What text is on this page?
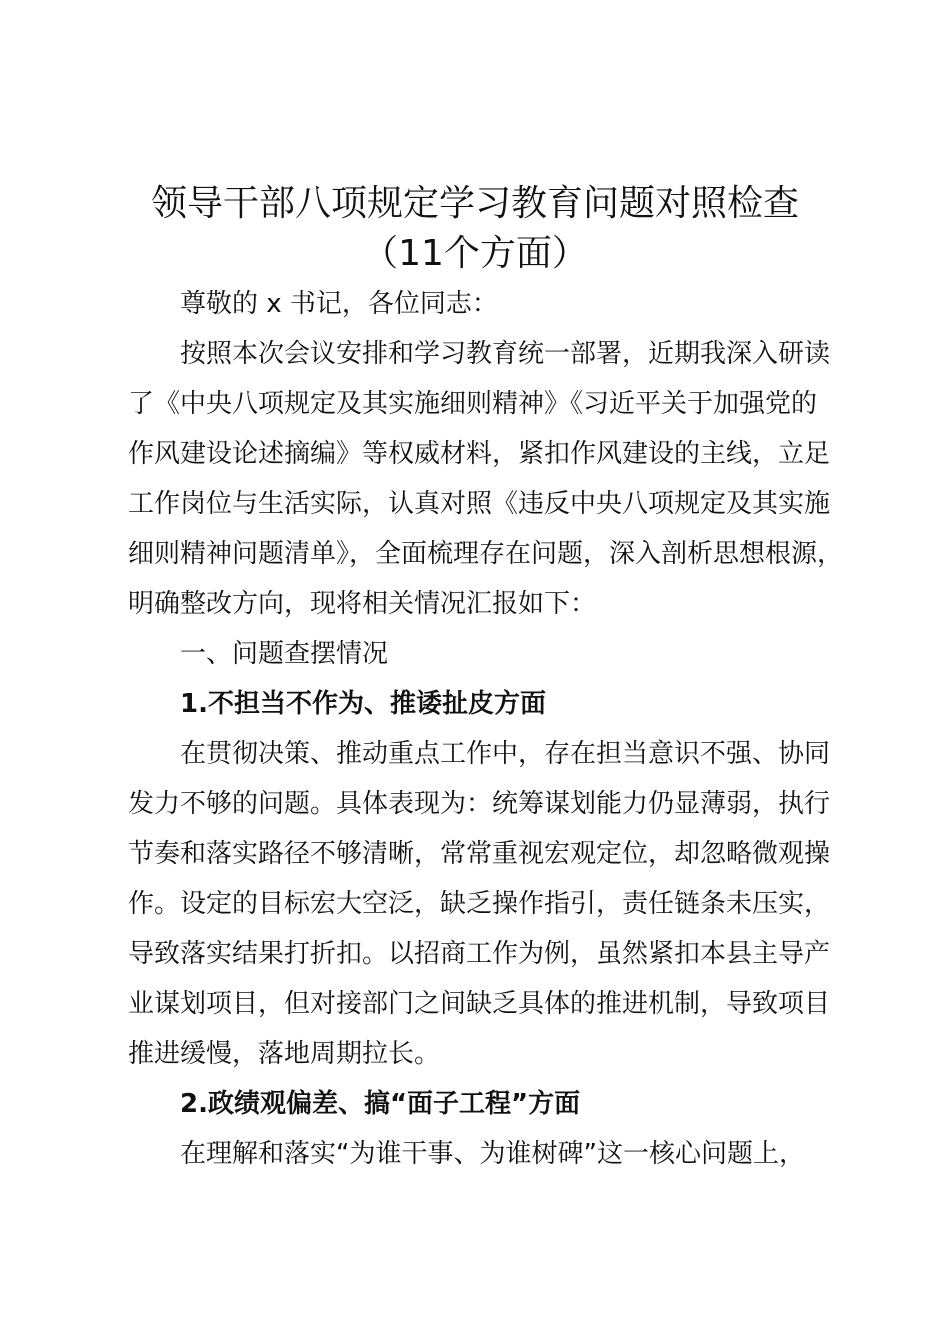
领导干部八项规定学习教育问题对照检查
（11个方面）
尊敬的 x 书记，各位同志：
按照本次会议安排和学习教育统一部署，近期我深入研读
了《中央八项规定及其实施细则精神》《习近平关于加强党的
作风建设论述摘编》等权威材料，紧扣作风建设的主线，立足
工作岗位与生活实际，认真对照《违反中央八项规定及其实施
细则精神问题清单》，全面梳理存在问题，深入剖析思想根源，
明确整改方向，现将相关情况汇报如下：
一、问题查摆情况
1.不担当不作为、推诿扯皮方面
在贯彻决策、推动重点工作中，存在担当意识不强、协同
发力不够的问题。具体表现为：统筹谋划能力仍显薄弱，执行
节奏和落实路径不够清晰，常常重视宏观定位，却忽略微观操
作。设定的目标宏大空泛，缺乏操作指引，责任链条未压实，
导致落实结果打折扣。以招商工作为例，虽然紧扣本县主导产
业谋划项目，但对接部门之间缺乏具体的推进机制，导致项目
推进缓慢，落地周期拉长。
2.政绩观偏差、搞“面子工程”方面
在理解和落实“为谁干事、为谁树碑”这一核心问题上，
